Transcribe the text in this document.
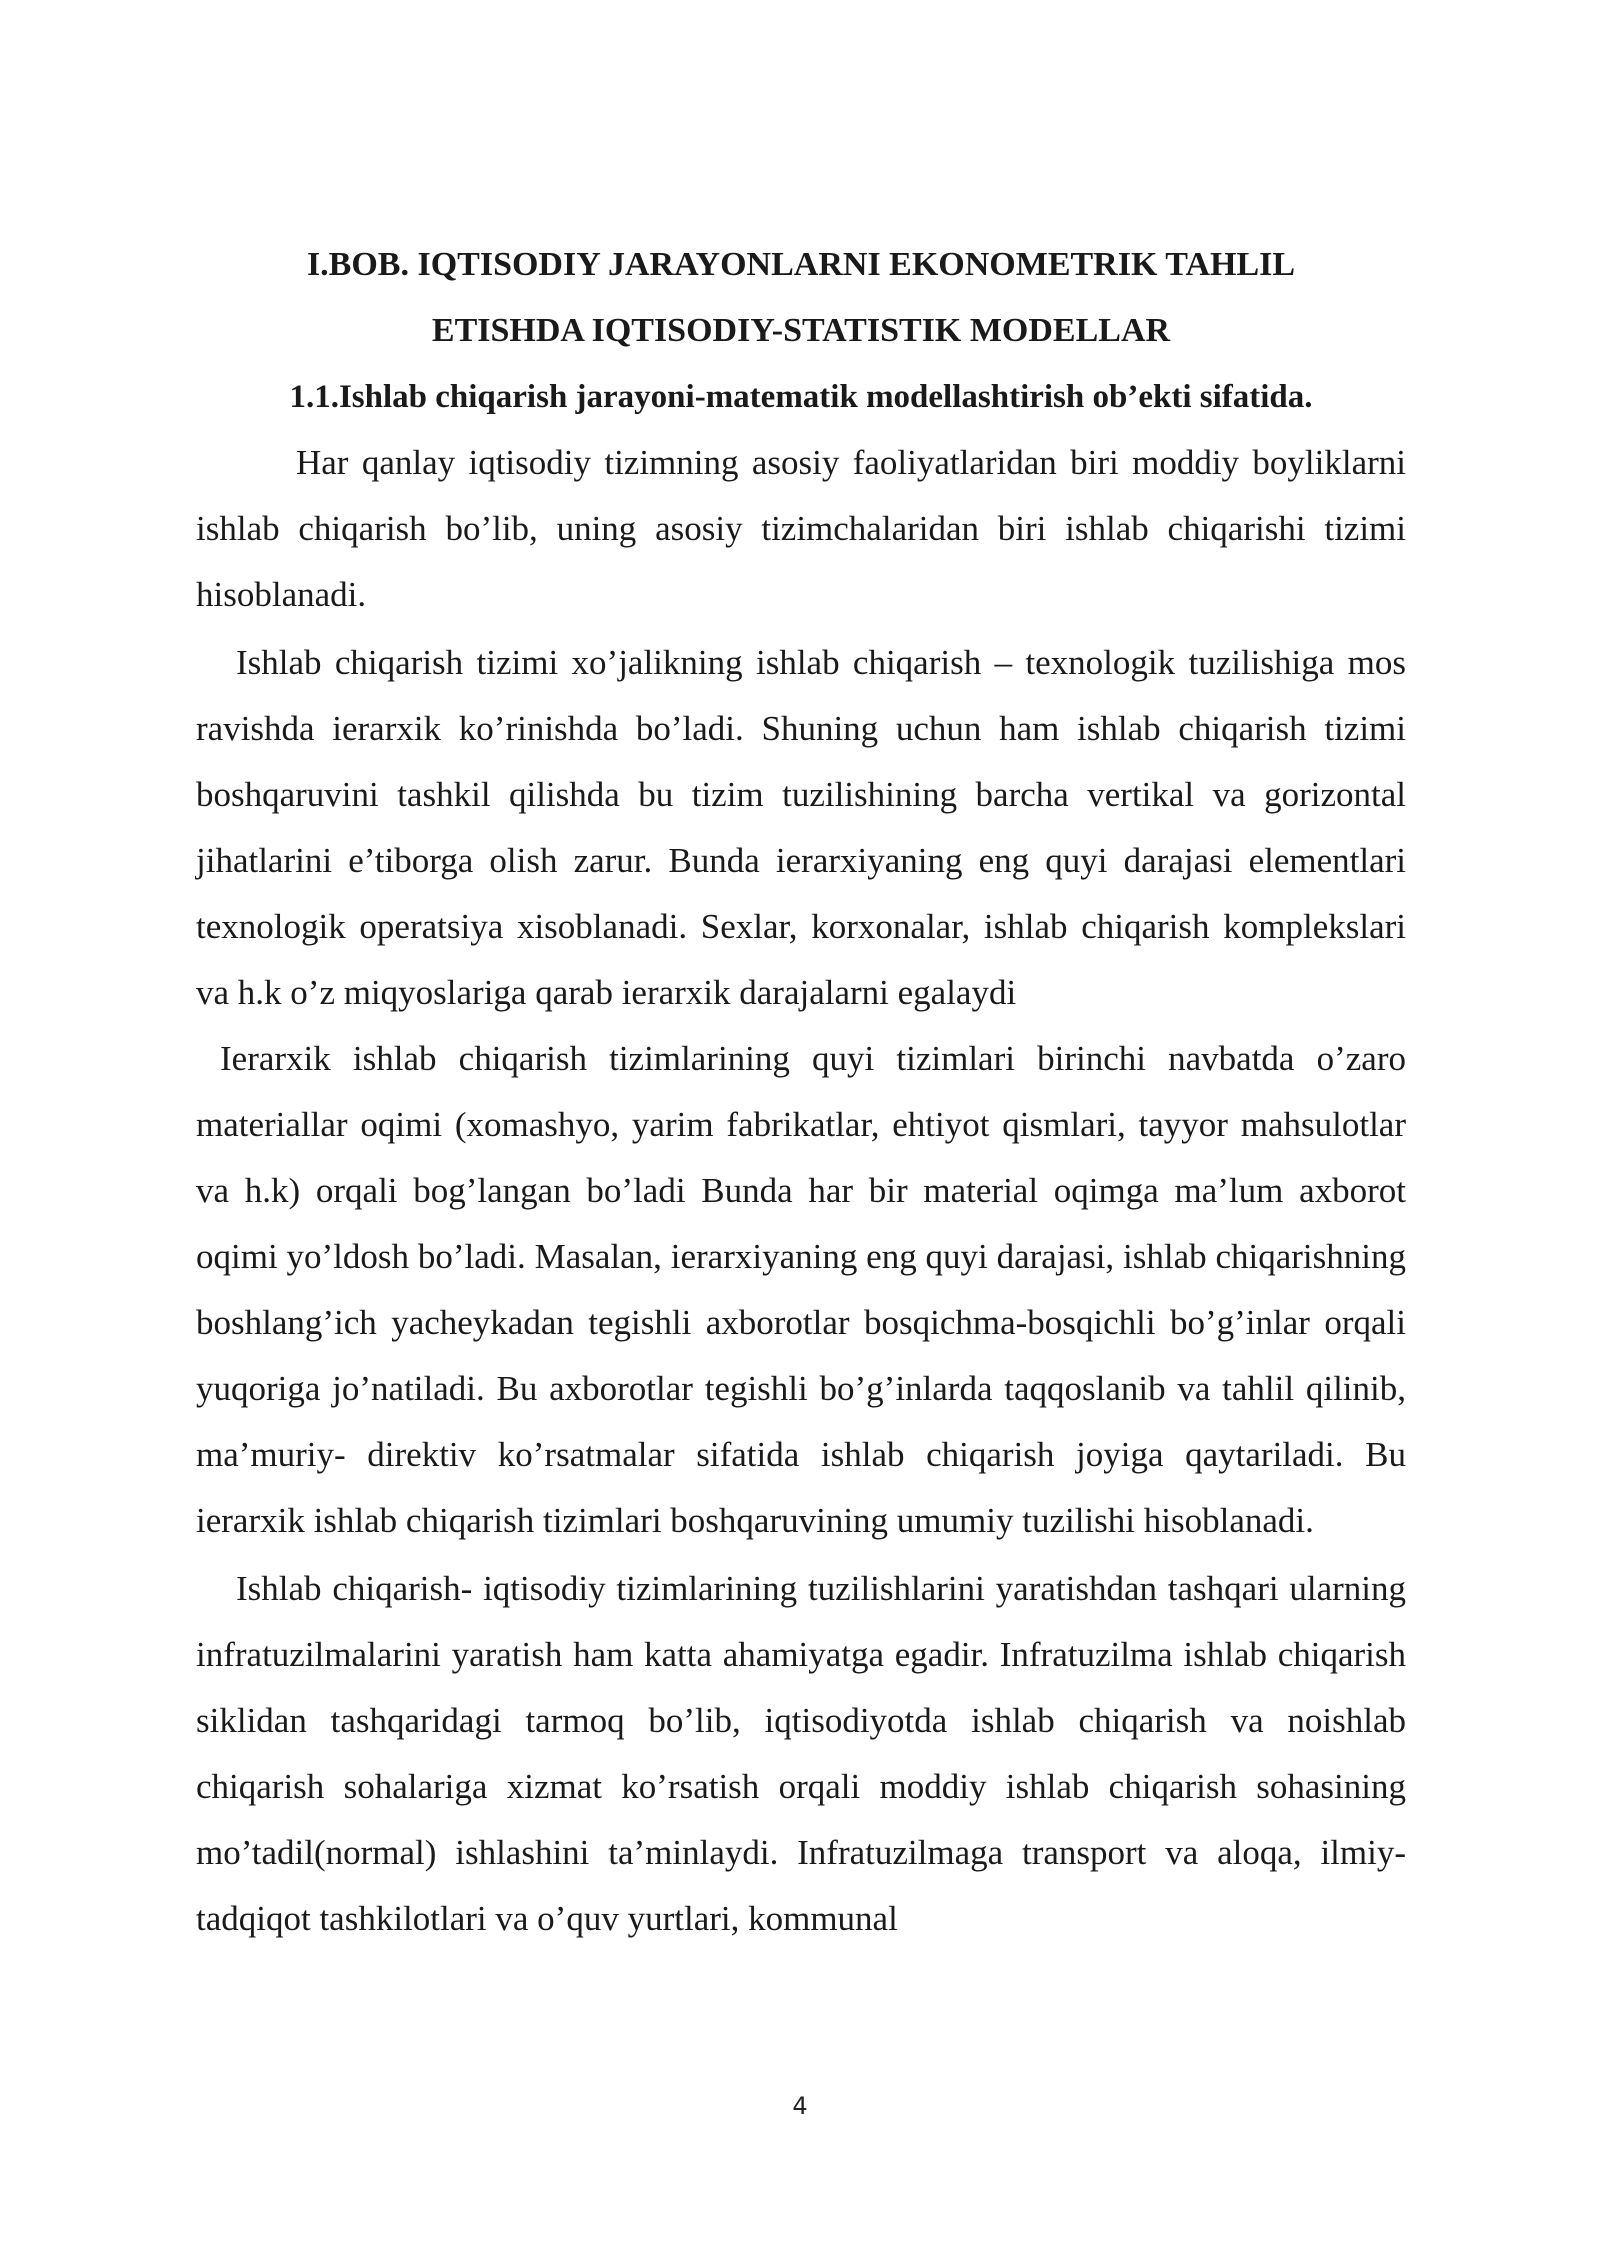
I.BOB. IQTISODIY JARAYONLARNI EKONOMETRIK TAHLIL
ETISHDA IQTISODIY-STATISTIK MODELLAR
1.1.Ishlab chiqarish jarayoni-matematik modellashtirish ob’ekti sifatida.

Har qanlay iqtisodiy tizimning asosiy faoliyatlaridan biri moddiy boyliklarni ishlab chiqarish bo’lib, uning asosiy tizimchalaridan biri ishlab chiqarishi tizimi hisoblanadi.

Ishlab chiqarish tizimi xo’jalikning ishlab chiqarish – texnologik tuzilishiga mos ravishda ierarxik ko’rinishda bo’ladi. Shuning uchun ham ishlab chiqarish tizimi boshqaruvini tashkil qilishda bu tizim tuzilishining barcha vertikal va gorizontal jihatlarini e’tiborga olish zarur. Bunda ierarxiyaning eng quyi darajasi elementlari texnologik operatsiya xisoblanadi. Sexlar, korxonalar, ishlab chiqarish komplekslari va h.k o’z miqyoslariga qarab ierarxik darajalarni egalaydi

Ierarxik ishlab chiqarish tizimlarining quyi tizimlari birinchi navbatda o’zaro materiallar oqimi (xomashyo, yarim fabrikatlar, ehtiyot qismlari, tayyor mahsulotlar va h.k) orqali bog’langan bo’ladi Bunda har bir material oqimga ma’lum axborot oqimi yo’ldosh bo’ladi. Masalan, ierarxiyaning eng quyi darajasi, ishlab chiqarishning boshlang’ich yacheykadan tegishli axborotlar bosqichma-bosqichli bo’g’inlar orqali yuqoriga jo’natiladi. Bu axborotlar tegishli bo’g’inlarda taqqoslanib va tahlil qilinib, ma’muriy- direktiv ko’rsatmalar sifatida ishlab chiqarish joyiga qaytariladi. Bu ierarxik ishlab chiqarish tizimlari boshqaruvining umumiy tuzilishi hisoblanadi.

Ishlab chiqarish- iqtisodiy tizimlarining tuzilishlarini yaratishdan tashqari ularning infratuzilmalarini yaratish ham katta ahamiyatga egadir. Infratuzilma ishlab chiqarish siklidan tashqaridagi tarmoq bo’lib, iqtisodiyotda ishlab chiqarish va noishlab chiqarish sohalariga xizmat ko’rsatish orqali moddiy ishlab chiqarish sohasining mo’tadil(normal) ishlashini ta’minlaydi. Infratuzilmaga transport va aloqa, ilmiy-tadqiqot tashkilotlari va o’quv yurtlari, kommunal

4
